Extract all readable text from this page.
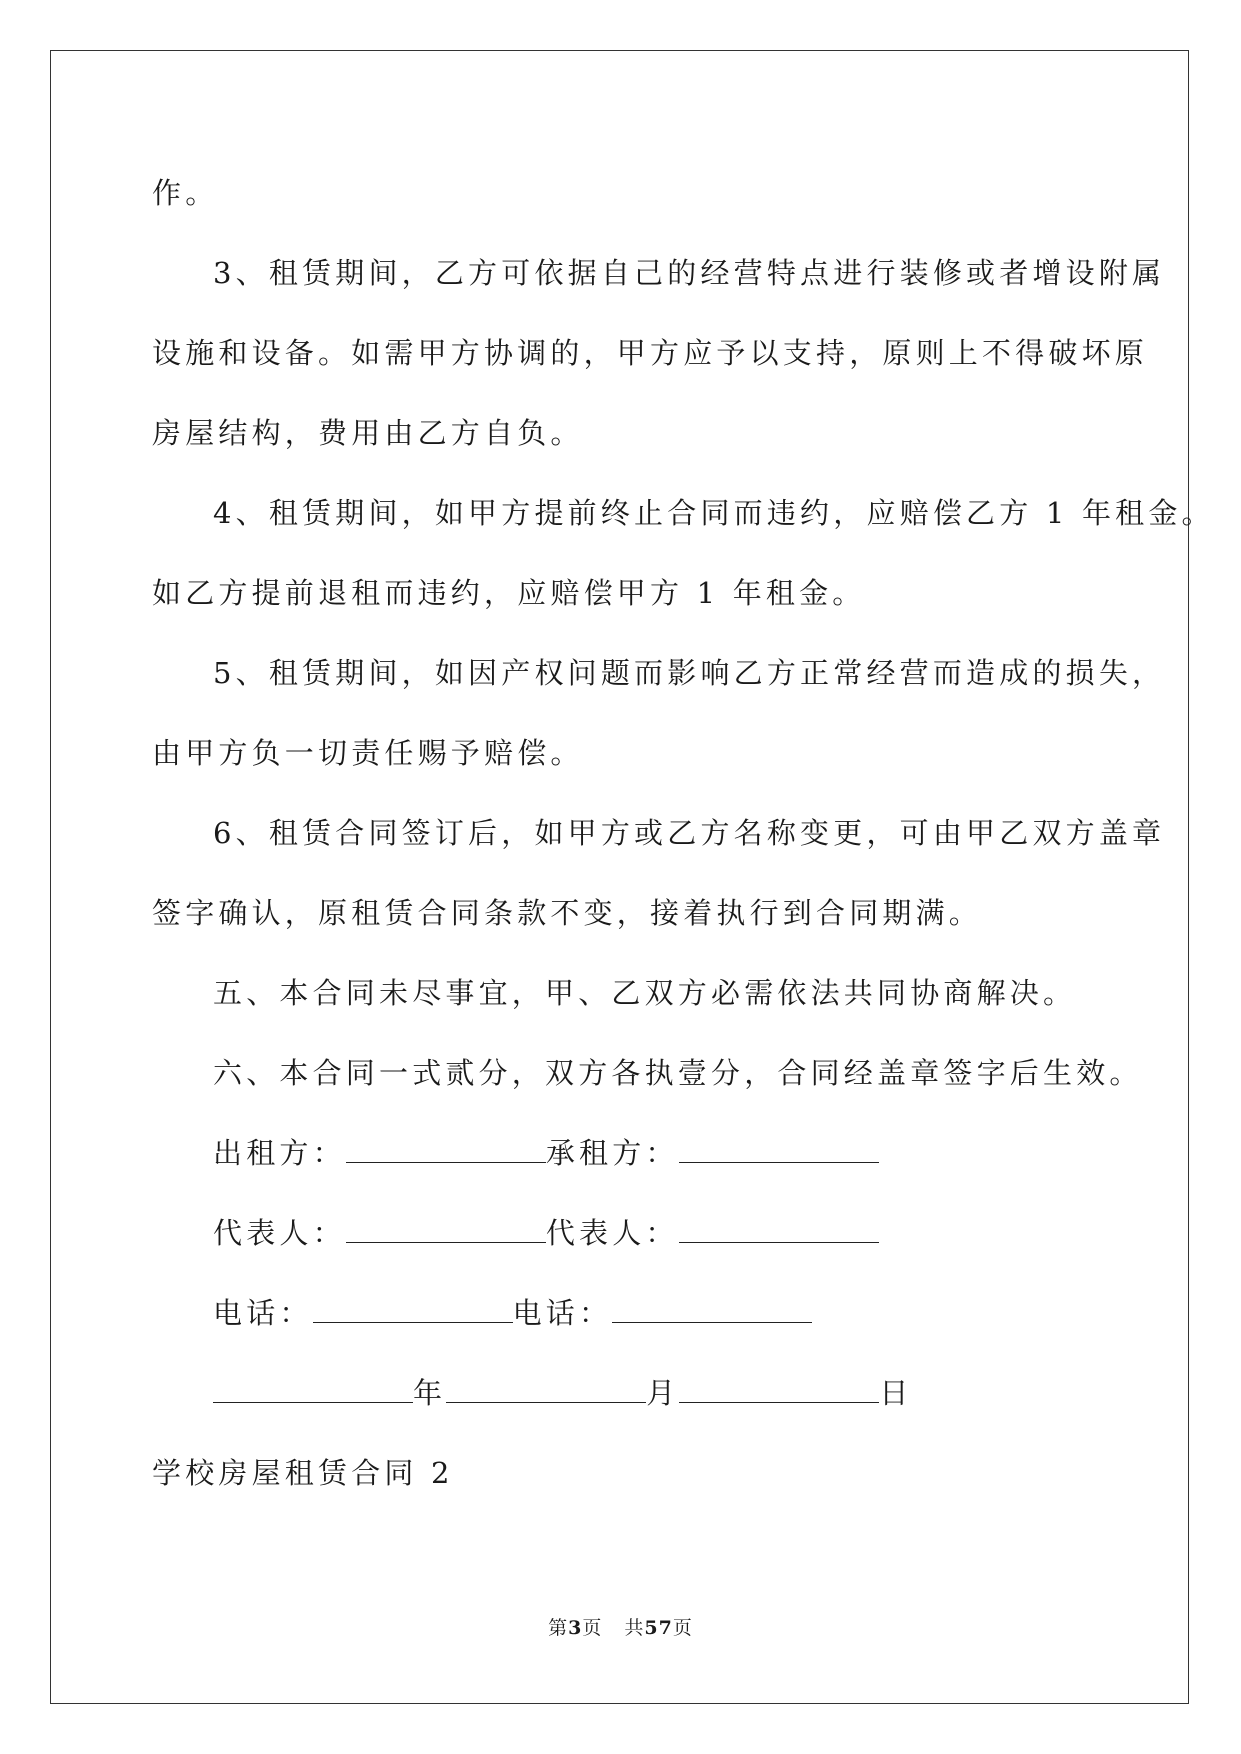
作。
3、租赁期间，乙方可依据自己的经营特点进行装修或者增设附属
设施和设备。如需甲方协调的，甲方应予以支持，原则上不得破坏原
房屋结构，费用由乙方自负。
4、租赁期间，如甲方提前终止合同而违约，应赔偿乙方 1 年租金。
如乙方提前退租而违约，应赔偿甲方 1 年租金。
5、租赁期间，如因产权问题而影响乙方正常经营而造成的损失，
由甲方负一切责任赐予赔偿。
6、租赁合同签订后，如甲方或乙方名称变更，可由甲乙双方盖章
签字确认，原租赁合同条款不变，接着执行到合同期满。
五、本合同未尽事宜，甲、乙双方必需依法共同协商解决。
六、本合同一式贰分，双方各执壹分，合同经盖章签字后生效。
出租方：	承租方：
代表人：	代表人：
电话：	电话：
年	月	日
学校房屋租赁合同 2
第3页 共57页
